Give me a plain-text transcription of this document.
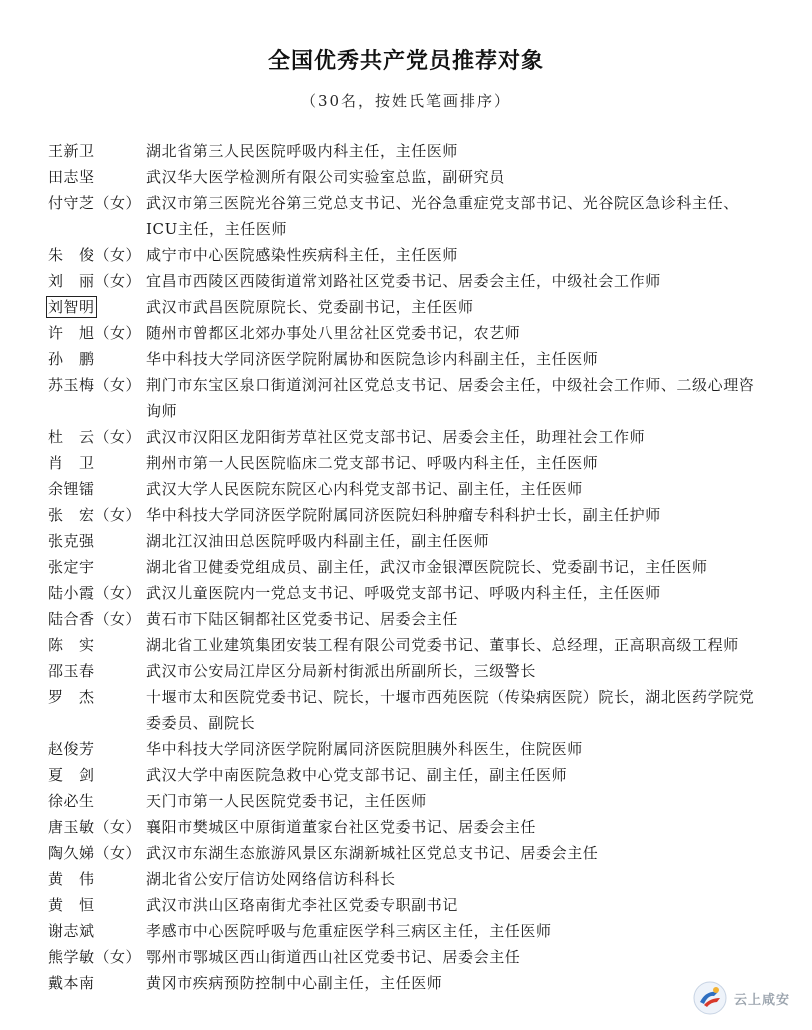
全国优秀共产党员推荐对象
（30名，按姓氏笔画排序）
王新卫	湖北省第三人民医院呼吸内科主任，主任医师
田志坚	武汉华大医学检测所有限公司实验室总监，副研究员
付守芝（女） 武汉市第三医院光谷第三党总支书记、光谷急重症党支部书记、光谷院区急诊科主任、ICU主任，主任医师
朱　俊（女） 咸宁市中心医院感染性疾病科主任，主任医师
刘　丽（女） 宜昌市西陵区西陵街道常刘路社区党委书记、居委会主任，中级社会工作师
刘智明	武汉市武昌医院原院长、党委副书记，主任医师
许　旭（女） 随州市曾都区北郊办事处八里岔社区党委书记，农艺师
孙　鹏	华中科技大学同济医学院附属协和医院急诊内科副主任，主任医师
苏玉梅（女） 荆门市东宝区泉口街道浏河社区党总支书记、居委会主任，中级社会工作师、二级心理咨询师
杜　云（女） 武汉市汉阳区龙阳街芳草社区党支部书记、居委会主任，助理社会工作师
肖　卫	荆州市第一人民医院临床二党支部书记、呼吸内科主任，主任医师
余锂镭	武汉大学人民医院东院区心内科党支部书记、副主任，主任医师
张　宏（女） 华中科技大学同济医学院附属同济医院妇科肿瘤专科科护士长，副主任护师
张克强	湖北江汉油田总医院呼吸内科副主任，副主任医师
张定宇	湖北省卫健委党组成员、副主任，武汉市金银潭医院院长、党委副书记，主任医师
陆小霞（女） 武汉儿童医院内一党总支书记、呼吸党支部书记、呼吸内科主任，主任医师
陆合香（女） 黄石市下陆区铜都社区党委书记、居委会主任
陈　实	湖北省工业建筑集团安装工程有限公司党委书记、董事长、总经理，正高职高级工程师
邵玉春	武汉市公安局江岸区分局新村街派出所副所长，三级警长
罗　杰	十堰市太和医院党委书记、院长，十堰市西苑医院（传染病医院）院长，湖北医药学院党委委员、副院长
赵俊芳	华中科技大学同济医学院附属同济医院胆胰外科医生，住院医师
夏　剑	武汉大学中南医院急救中心党支部书记、副主任，副主任医师
徐必生	天门市第一人民医院党委书记，主任医师
唐玉敏（女） 襄阳市樊城区中原街道董家台社区党委书记、居委会主任
陶久娣（女） 武汉市东湖生态旅游风景区东湖新城社区党总支书记、居委会主任
黄　伟	湖北省公安厅信访处网络信访科科长
黄　恒	武汉市洪山区珞南街尤李社区党委专职副书记
谢志斌	孝感市中心医院呼吸与危重症医学科三病区主任，主任医师
熊学敏（女） 鄂州市鄂城区西山街道西山社区党委书记、居委会主任
戴本南	黄冈市疾病预防控制中心副主任，主任医师
云上咸安
